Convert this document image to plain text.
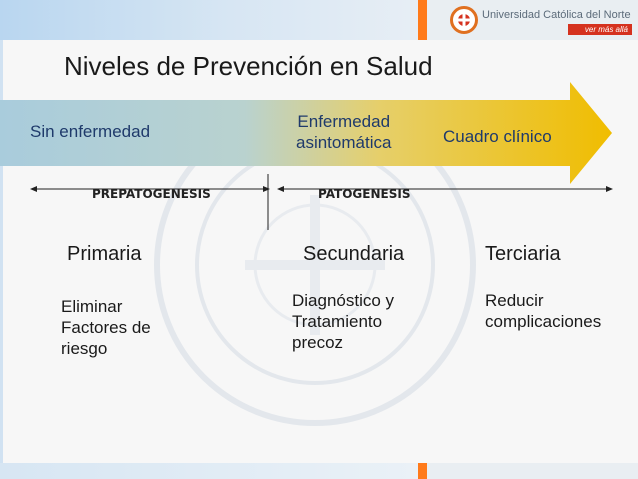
Universidad Católica del Norte
ver más allá
Niveles de Prevención en Salud
Sin enfermedad
Enfermedad
asintomática	Cuadro clínico
PREPATOGENESIS	PATOGENESIS
Primaria	Secundaria	Terciaria
Eliminar
Factores de
riesgo
Diagnóstico y
Tratamiento
precoz
Reducir
complicaciones
